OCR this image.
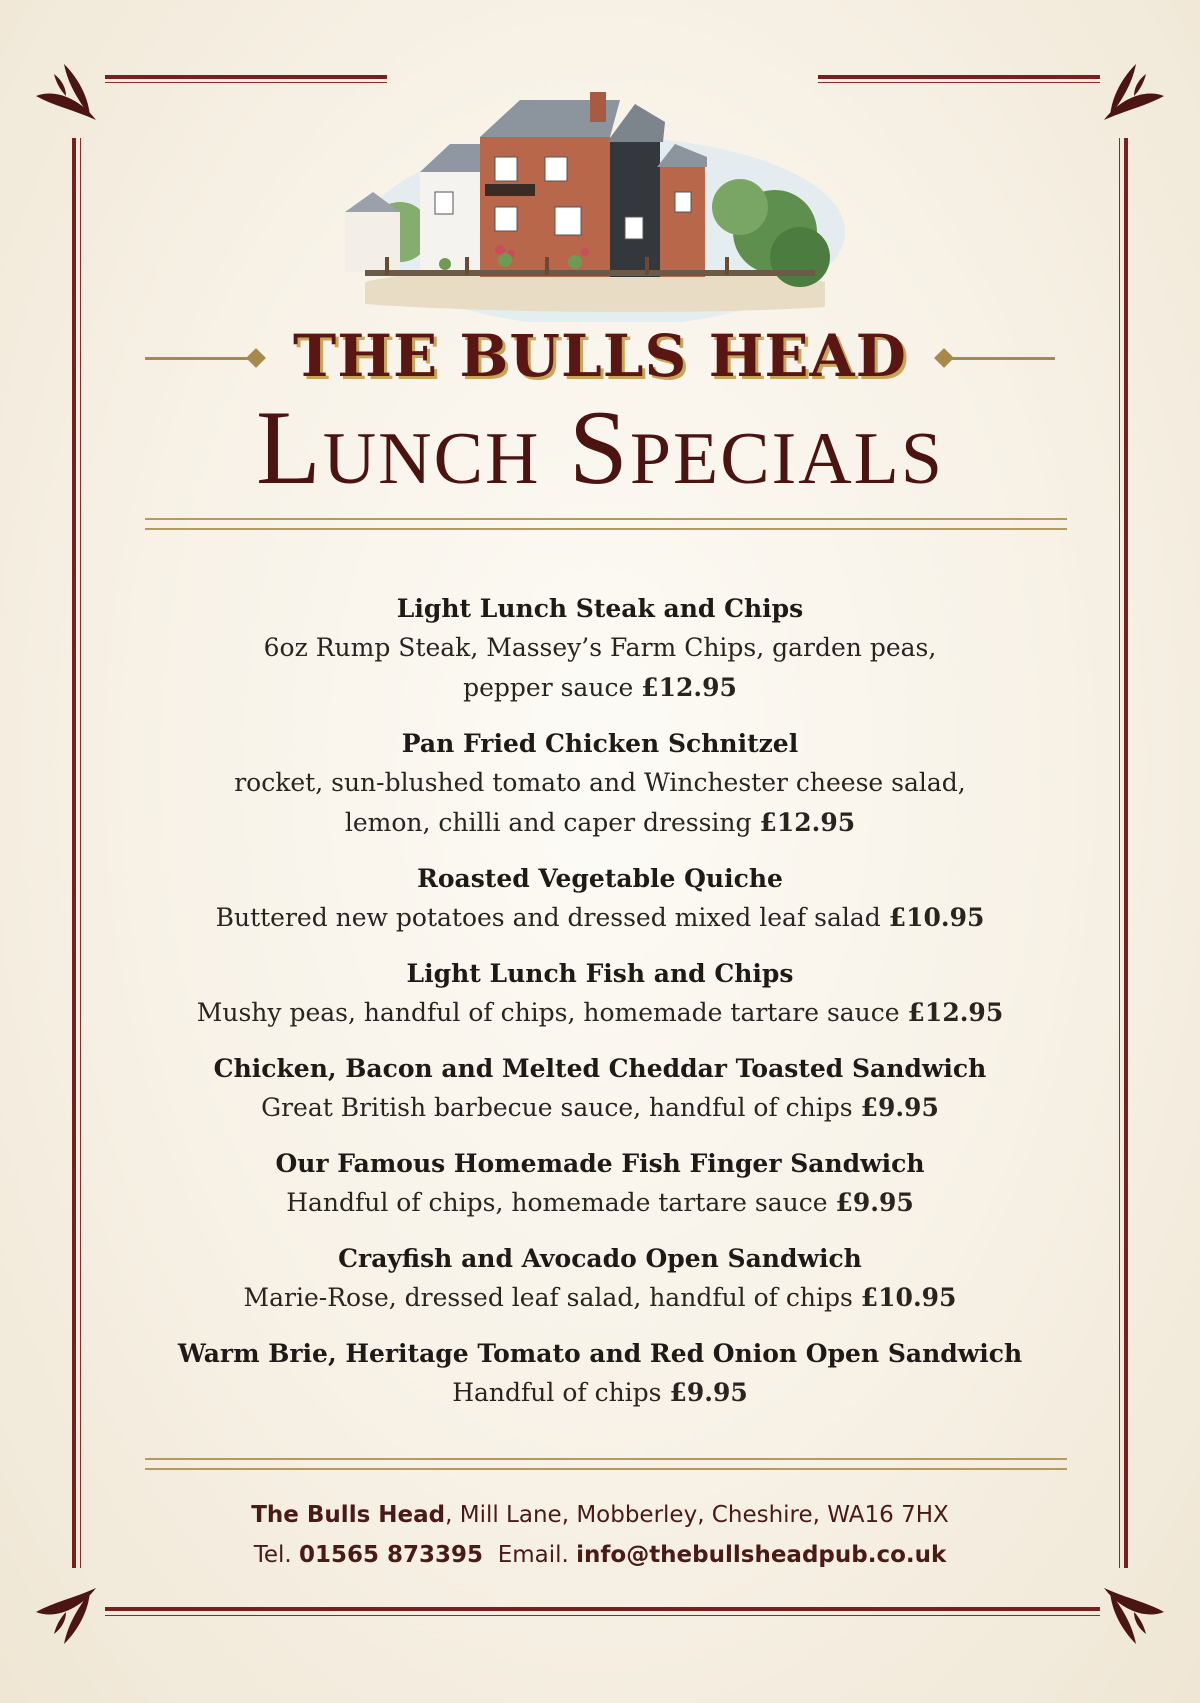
THE BULLS HEAD
Lunch Specials
Light Lunch Steak and Chips
6oz Rump Steak, Massey’s Farm Chips, garden peas,
pepper sauce £12.95
Pan Fried Chicken Schnitzel
rocket, sun-blushed tomato and Winchester cheese salad,
lemon, chilli and caper dressing £12.95
Roasted Vegetable Quiche
Buttered new potatoes and dressed mixed leaf salad £10.95
Light Lunch Fish and Chips
Mushy peas, handful of chips, homemade tartare sauce £12.95
Chicken, Bacon and Melted Cheddar Toasted Sandwich
Great British barbecue sauce, handful of chips £9.95
Our Famous Homemade Fish Finger Sandwich
Handful of chips, homemade tartare sauce £9.95
Crayfish and Avocado Open Sandwich
Marie-Rose, dressed leaf salad, handful of chips £10.95
Warm Brie, Heritage Tomato and Red Onion Open Sandwich
Handful of chips £9.95
The Bulls Head, Mill Lane, Mobberley, Cheshire, WA16 7HX
Tel. 01565 873395 Email. info@thebullsheadpub.co.uk
